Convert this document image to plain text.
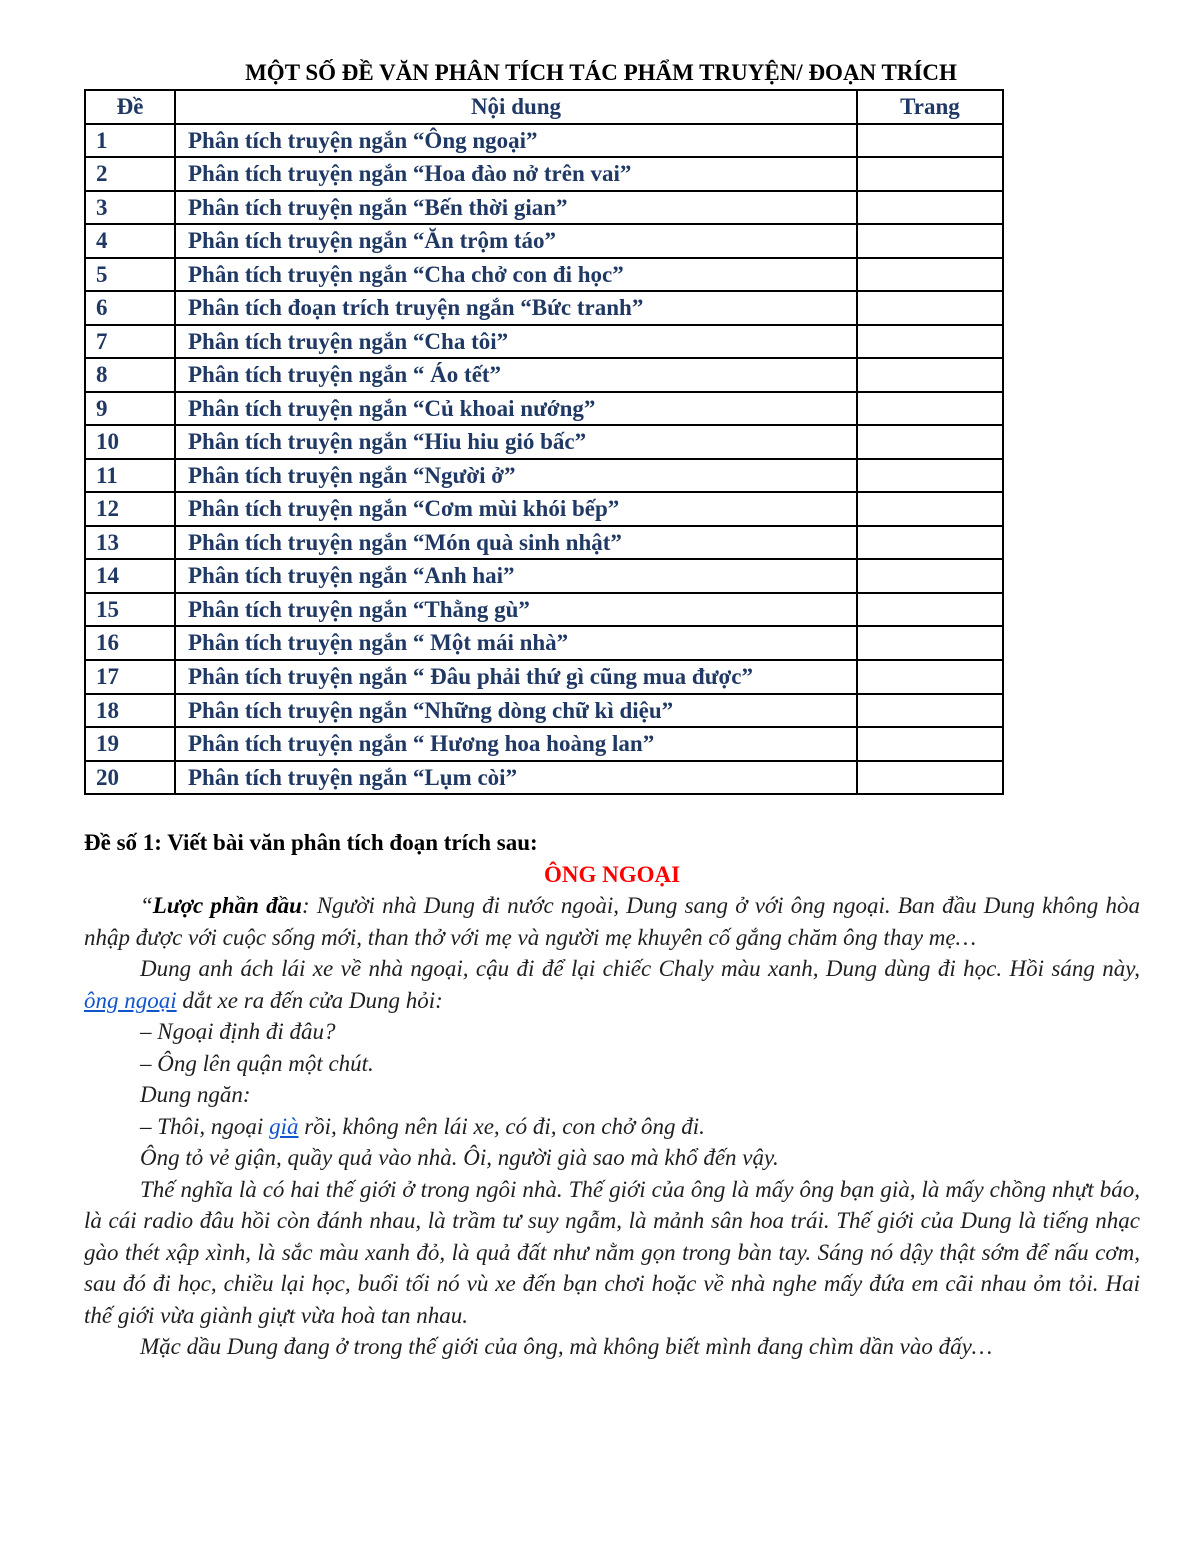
MỘT SỐ ĐỀ VĂN PHÂN TÍCH TÁC PHẨM TRUYỆN/ ĐOẠN TRÍCH
Đề	Nội dung	Trang
1	Phân tích truyện ngắn “Ông ngoại”	
2	Phân tích truyện ngắn “Hoa đào nở trên vai”	
3	Phân tích truyện ngắn “Bến thời gian”	
4	Phân tích truyện ngắn “Ăn trộm táo”	
5	Phân tích truyện ngắn “Cha chở con đi học”	
6	Phân tích đoạn trích truyện ngắn “Bức tranh”	
7	Phân tích truyện ngắn “Cha tôi”	
8	Phân tích truyện ngắn “ Áo tết”	
9	Phân tích truyện ngắn “Củ khoai nướng”	
10	Phân tích truyện ngắn “Hiu hiu gió bấc”	
11	Phân tích truyện ngắn “Người ở”	
12	Phân tích truyện ngắn “Cơm mùi khói bếp”	
13	Phân tích truyện ngắn “Món quà sinh nhật”	
14	Phân tích truyện ngắn “Anh hai”	
15	Phân tích truyện ngắn “Thằng gù”	
16	Phân tích truyện ngắn “ Một mái nhà”	
17	Phân tích truyện ngắn “ Đâu phải thứ gì cũng mua được”	
18	Phân tích truyện ngắn “Những dòng chữ kì diệu”	
19	Phân tích truyện ngắn “ Hương hoa hoàng lan”	
20	Phân tích truyện ngắn “Lụm còi”	
Đề số 1: Viết bài văn phân tích đoạn trích sau:
ÔNG NGOẠI

“Lược phần đầu: Người nhà Dung đi nước ngoài, Dung sang ở với ông ngoại. Ban đầu Dung không hòa nhập được với cuộc sống mới, than thở với mẹ và người mẹ khuyên cố gắng chăm ông thay mẹ…

Dung anh ách lái xe về nhà ngoại, cậu đi để lại chiếc Chaly màu xanh, Dung dùng đi học. Hồi sáng này, ông ngoại dắt xe ra đến cửa Dung hỏi:

– Ngoại định đi đâu?

– Ông lên quận một chút.

Dung ngăn:

– Thôi, ngoại già rồi, không nên lái xe, có đi, con chở ông đi.

Ông tỏ vẻ giận, quầy quả vào nhà. Ôi, người già sao mà khổ đến vậy.

Thế nghĩa là có hai thế giới ở trong ngôi nhà. Thế giới của ông là mấy ông bạn già, là mấy chồng nhựt báo, là cái radio đâu hồi còn đánh nhau, là trầm tư suy ngẫm, là mảnh sân hoa trái. Thế giới của Dung là tiếng nhạc gào thét xập xình, là sắc màu xanh đỏ, là quả đất như nằm gọn trong bàn tay. Sáng nó dậy thật sớm để nấu cơm, sau đó đi học, chiều lại học, buổi tối nó vù xe đến bạn chơi hoặc về nhà nghe mấy đứa em cãi nhau ỏm tỏi. Hai thế giới vừa giành giựt vừa hoà tan nhau.

Mặc dầu Dung đang ở trong thế giới của ông, mà không biết mình đang chìm dần vào đấy…
